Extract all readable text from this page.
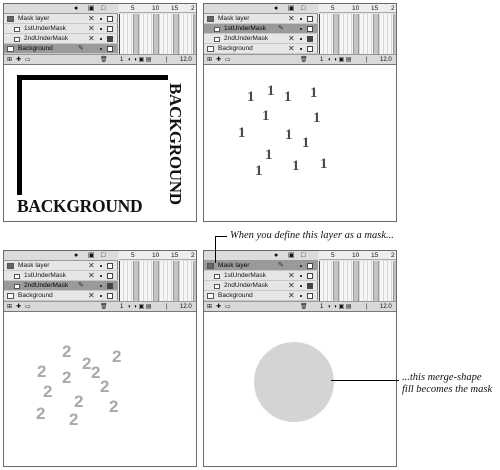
● ▣ □
Mask layer	✕
1stUnderMask	✕
2ndUnderMask ✕
Background	✎
5	10 15 2
⊞ ✚ ▭	🗑 1 ◐ ◑ ▣ ▤ | 12.0
BACKGROUND
BACKGROUND
● ▣ □
Mask layer	✕
1stUnderMask ✎
2ndUnderMask ✕
Background	✕
5	10 15 2
⊞ ✚ ▭	🗑 1 ◐ ◑ ▣ ▤ | 12.0
1 1 1 1
1	1
1	1 1
1
1 1
1
● ▣ □
Mask layer	✕
1stUnderMask	✕
2ndUnderMask ✎
Background	✕
5	10 15 2
⊞ ✚ ▭	🗑 1 ◐ ◑ ▣ ▤ | 12.0
2 2
2
2	2
2 2
2
2 2
2 2
● ▣ □
Mask layer	✎
1stUnderMask	✕
2ndUnderMask ✕
Background	✕
5	10 15 2
⊞ ✚ ▭	🗑 1 ◐ ◑ ▣ ▤ | 12.0
When you define this layer as a mask...
...this merge-shape
fill becomes the mask
